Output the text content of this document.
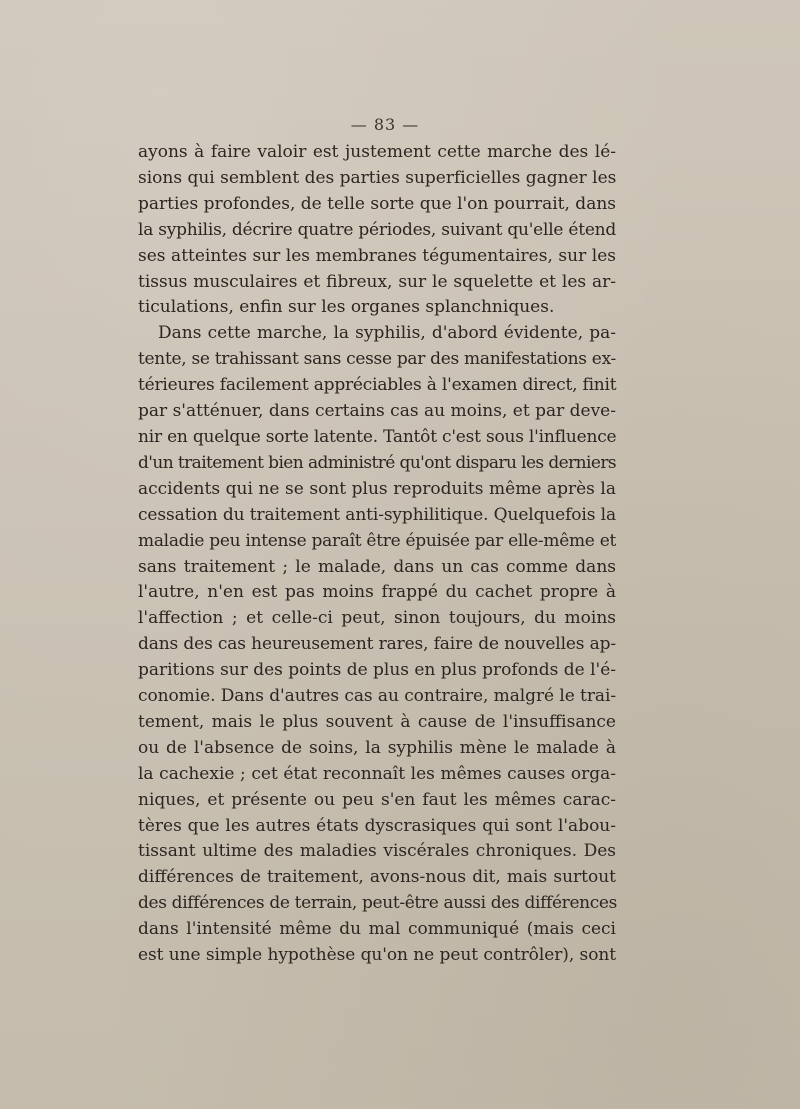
— 83 —
ayons à faire valoir est justement cette marche des lé-
sions qui semblent des parties superficielles gagner les
parties profondes, de telle sorte que l'on pourrait, dans
la syphilis, décrire quatre périodes, suivant qu'elle étend
ses atteintes sur les membranes tégumentaires, sur les
tissus musculaires et fibreux, sur le squelette et les ar-
ticulations, enfin sur les organes splanchniques.
Dans cette marche, la syphilis, d'abord évidente, pa-
tente, se trahissant sans cesse par des manifestations ex-
térieures facilement appréciables à l'examen direct, finit
par s'atténuer, dans certains cas au moins, et par deve-
nir en quelque sorte latente. Tantôt c'est sous l'influence
d'un traitement bien administré qu'ont disparu les derniers
accidents qui ne se sont plus reproduits même après la
cessation du traitement anti-syphilitique. Quelquefois la
maladie peu intense paraît être épuisée par elle-même et
sans traitement ; le malade, dans un cas comme dans
l'autre, n'en est pas moins frappé du cachet propre à
l'affection ; et celle-ci peut, sinon toujours, du moins
dans des cas heureusement rares, faire de nouvelles ap-
paritions sur des points de plus en plus profonds de l'é-
conomie. Dans d'autres cas au contraire, malgré le trai-
tement, mais le plus souvent à cause de l'insuffisance
ou de l'absence de soins, la syphilis mène le malade à
la cachexie ; cet état reconnaît les mêmes causes orga-
niques, et présente ou peu s'en faut les mêmes carac-
tères que les autres états dyscrasiques qui sont l'abou-
tissant ultime des maladies viscérales chroniques. Des
différences de traitement, avons-nous dit, mais surtout
des différences de terrain, peut-être aussi des différences
dans l'intensité même du mal communiqué (mais ceci
est une simple hypothèse qu'on ne peut contrôler), sont
